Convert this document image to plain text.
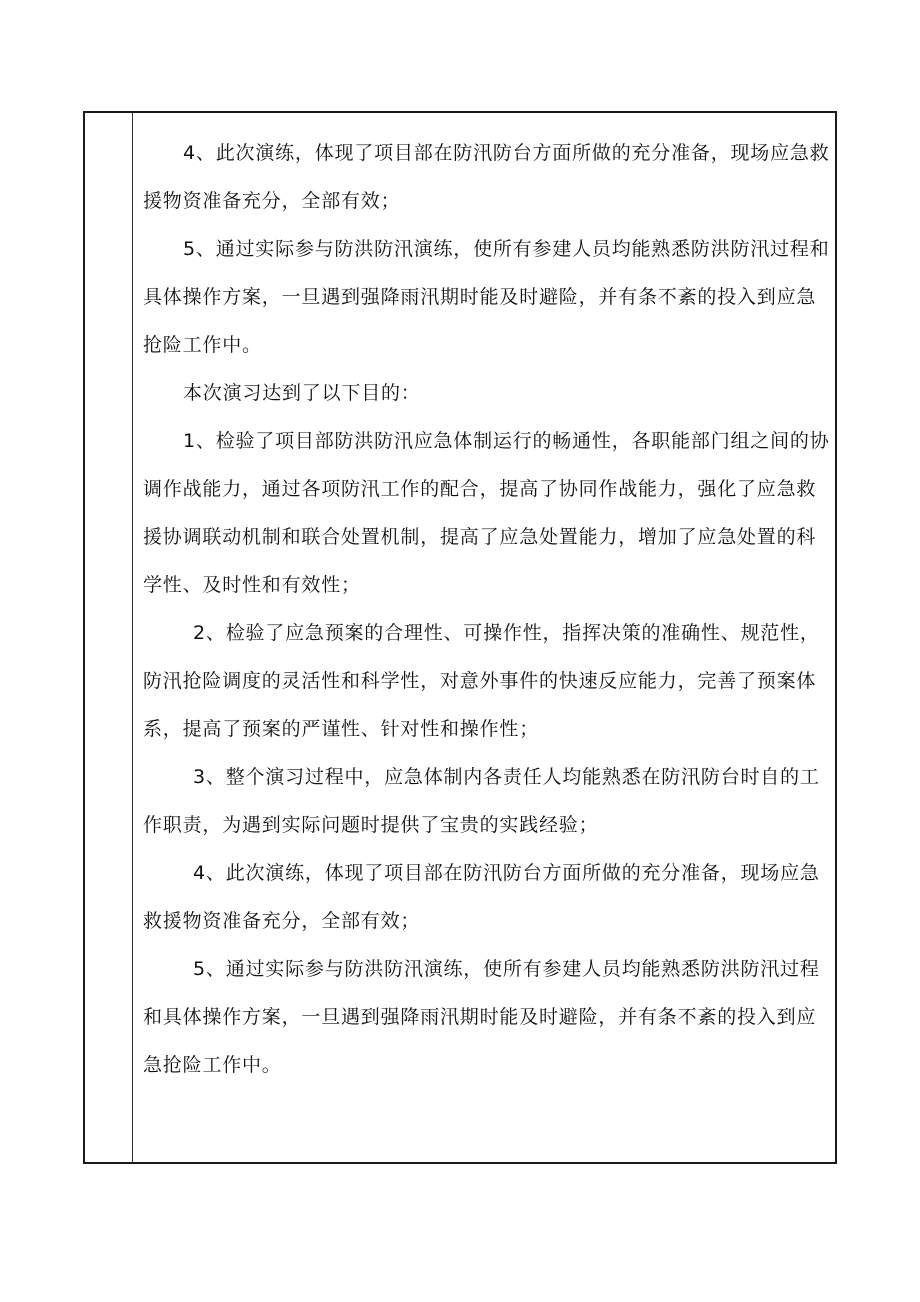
4、此次演练，体现了项目部在防汛防台方面所做的充分准备，现场应急救援物资准备充分，全部有效；

5、通过实际参与防洪防汛演练，使所有参建人员均能熟悉防洪防汛过程和具体操作方案，一旦遇到强降雨汛期时能及时避险，并有条不紊的投入到应急抢险工作中。

本次演习达到了以下目的：

1、检验了项目部防洪防汛应急体制运行的畅通性，各职能部门组之间的协调作战能力，通过各项防汛工作的配合，提高了协同作战能力，强化了应急救援协调联动机制和联合处置机制，提高了应急处置能力，增加了应急处置的科学性、及时性和有效性；

2、检验了应急预案的合理性、可操作性，指挥决策的准确性、规范性，防汛抢险调度的灵活性和科学性，对意外事件的快速反应能力，完善了预案体系，提高了预案的严谨性、针对性和操作性；

3、整个演习过程中，应急体制内各责任人均能熟悉在防汛防台时自的工作职责，为遇到实际问题时提供了宝贵的实践经验；

4、此次演练，体现了项目部在防汛防台方面所做的充分准备，现场应急救援物资准备充分，全部有效；

5、通过实际参与防洪防汛演练，使所有参建人员均能熟悉防洪防汛过程和具体操作方案，一旦遇到强降雨汛期时能及时避险，并有条不紊的投入到应急抢险工作中。
